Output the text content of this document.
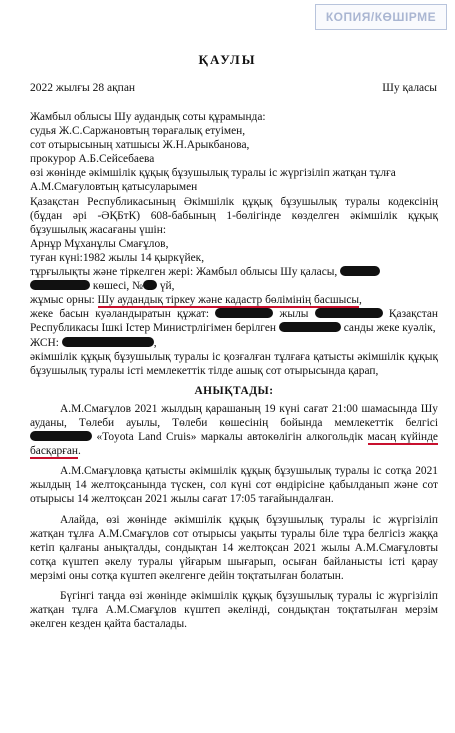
КОПИЯ/КӨШІРМЕ
ҚАУЛЫ
2022 жылғы 28 ақпан	Шу қаласы

Жамбыл облысы Шу аудандық соты құрамында:

судья Ж.С.Саржановтың төрағалық етуімен,

сот отырысының хатшысы Ж.Н.Арыкбанова,

прокурор А.Б.Сейсебаева

өзі жөнінде әкімшілік құқық бұзушылық туралы іс жүргізіліп жатқан тұлға

А.М.Смағуловтың қатысуларымен

Қазақстан Республикасының Әкімшілік құқық бұзушылық туралы кодексінің (бұдан әрі -ӘҚБтК) 608-бабының 1-бөлігінде көзделген әкімшілік құқық бұзушылық жасағаны үшін:

Арнұр Мұханұлы Смағұлов,

туған күні:1982 жылы 14 қыркүйек,

тұрғылықты және тіркелген жері: Жамбыл облысы Шу қаласы,
көшесі, № үй,

жұмыс орны: Шу аудандық тіркеу және кадастр бөлімінің басшысы,

жеке басын куәландыратын құжат:	жылы	Қазақстан Республикасы Ішкі Істер Министрлігімен берілген	санды жеке куәлік,

ЖСН:	,

әкімшілік құқық бұзушылық туралы іс қозғалған тұлғаға қатысты әкімшілік құқық бұзушылық туралы істі мемлекеттік тілде ашық сот отырысында қарап,

АНЫҚТАДЫ:

А.М.Смағұлов 2021 жылдың қарашаның 19 күні сағат 21:00 шамасында Шу ауданы, Төлеби ауылы, Төлеби көшесінің бойында мемлекеттік белгісі  «Toyota Land Cruis» маркалы автокөлігін алкогольдік масаң күйінде басқарған.

А.М.Смағұловқа қатысты әкімшілік құқық бұзушылық туралы іс сотқа 2021 жылдың 14 желтоқсанында түскен, сол күні сот өндірісіне қабылданып және сот отырысы 14 желтоқсан 2021 жылы сағат 17:05 тағайындалған.

Алайда, өзі жөнінде әкімшілік құқық бұзушылық туралы іс жүргізіліп жатқан тұлға А.М.Смағұлов сот отырысы уақыты туралы біле тұра белгісіз жаққа кетіп қалғаны анықталды, сондықтан 14 желтоқсан 2021 жылы А.М.Смағұловты сотқа күштеп әкелу туралы үйғарым шығарып, осыған байланысты істі қарау мерзімі оны сотқа күштеп әкелгенге дейін тоқтатылған болатын.

Бүгінгі таңда өзі жөнінде әкімшілік құқық бұзушылық туралы іс жүргізіліп жатқан тұлға А.М.Смағұлов күштеп әкелінді, сондықтан тоқтатылған мерзім әкелген кезден қайта басталады.
